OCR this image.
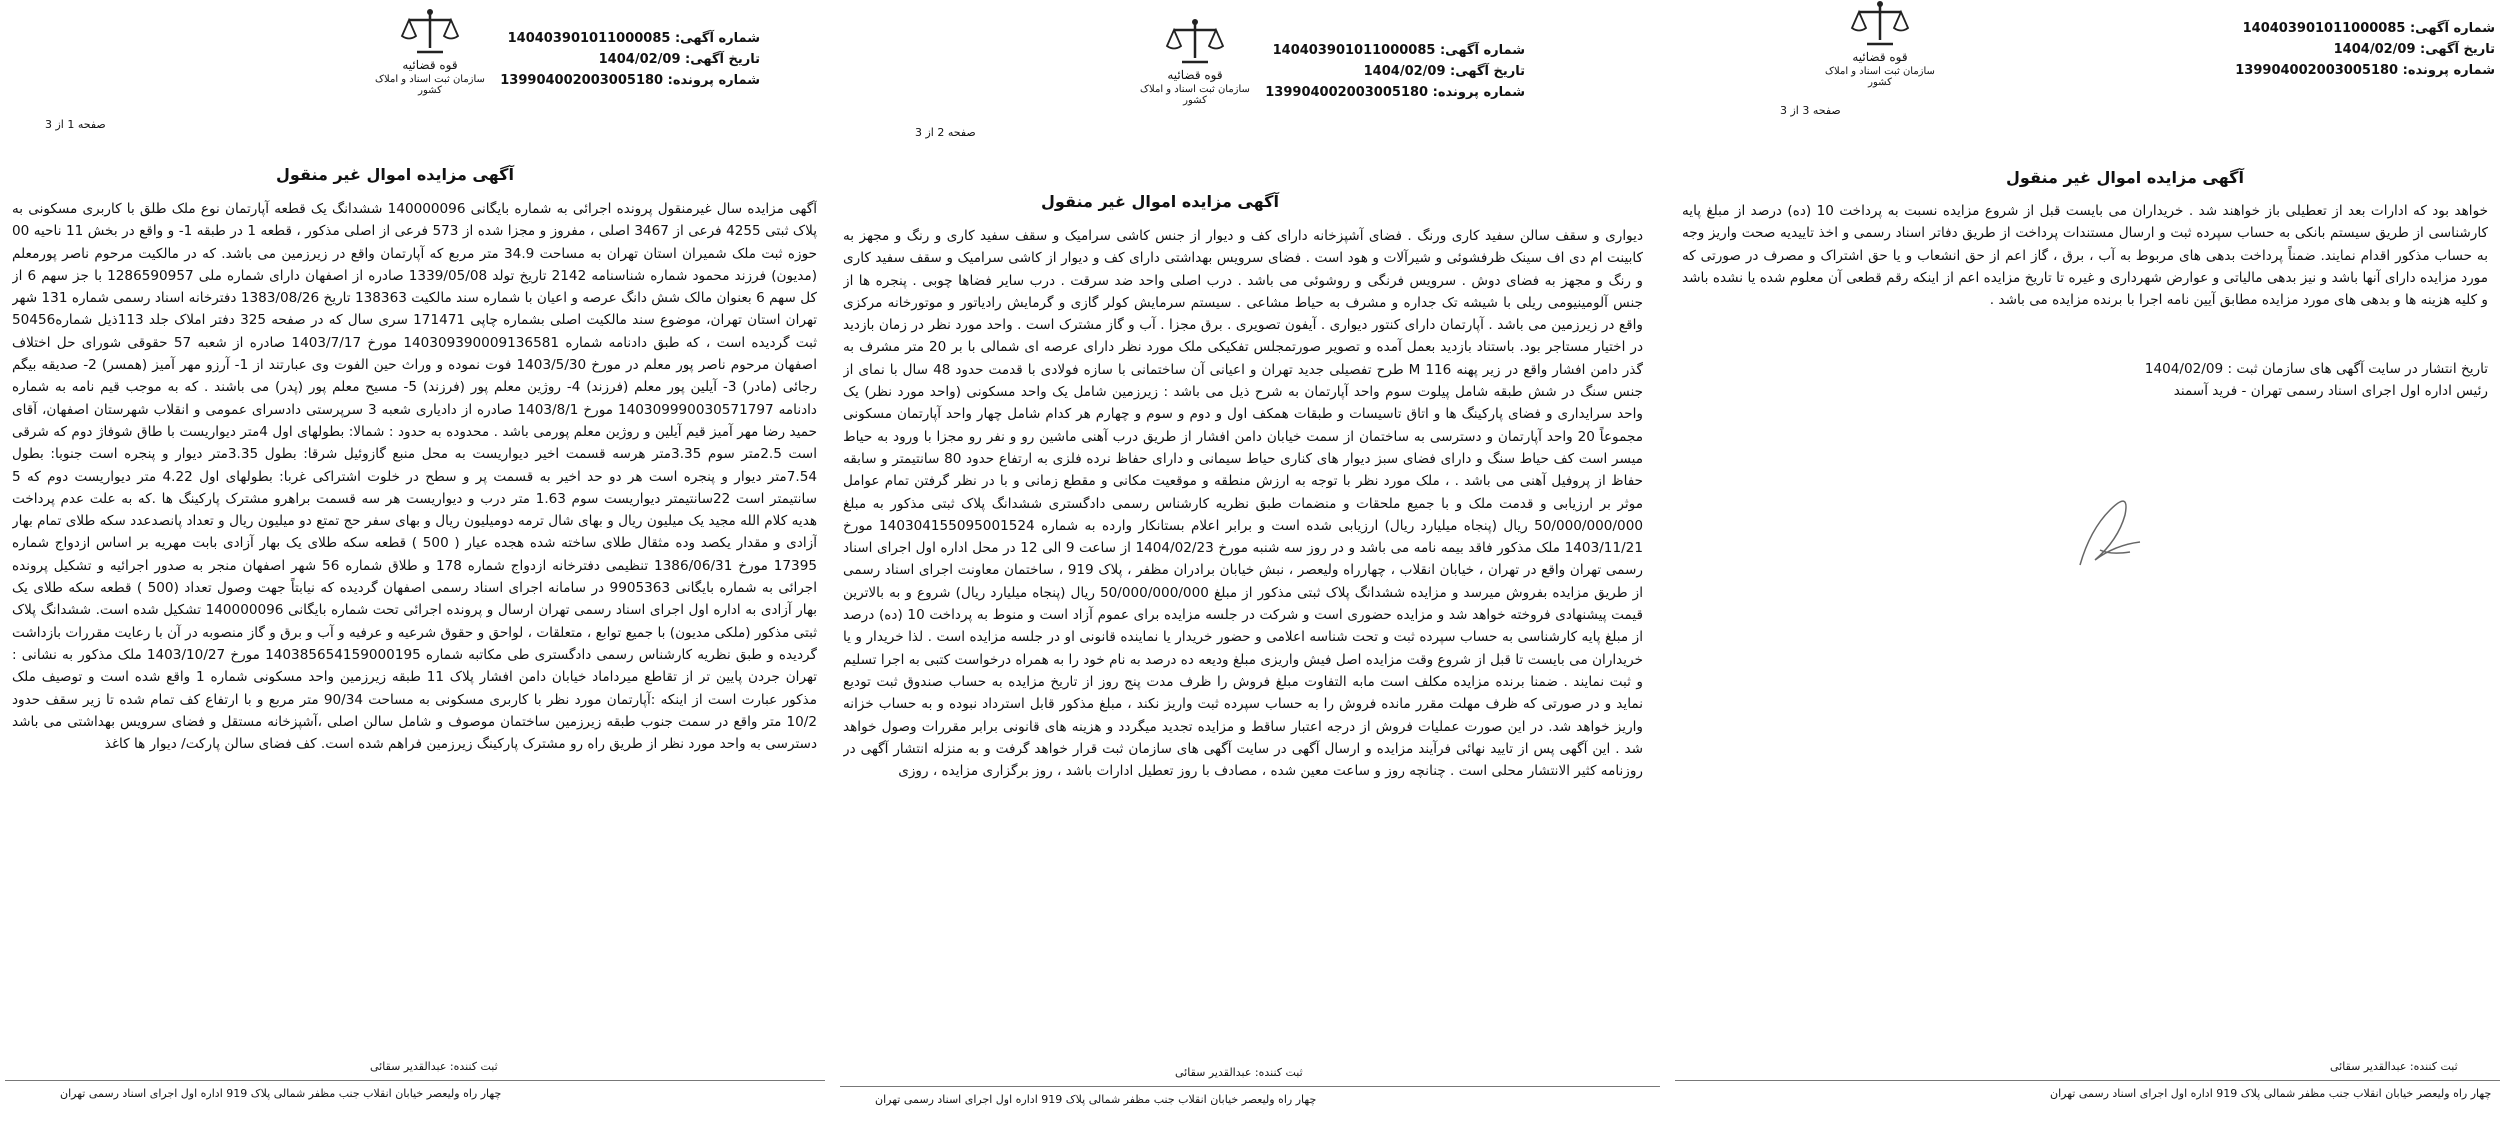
قوه قضائیه
سازمان ثبت اسناد و املاک کشور
شماره آگهی: 140403901011000085
تاریخ آگهی: 1404/02/09
شماره پرونده: 139904002003005180
صفحه 1 از 3
آگهی مزایده اموال غیر منقول
آگهی مزایده سال غیرمنقول پرونده اجرائی به شماره بایگانی 140000096 ششدانگ یک قطعه آپارتمان نوع ملک طلق با کاربری مسکونی به پلاک ثبتی 4255 فرعی از 3467 اصلی ، مفروز و مجزا شده از 573 فرعی از اصلی مذکور ، قطعه 1 در طبقه 1- و واقع در بخش 11 ناحیه 00 حوزه ثبت ملک شمیران استان تهران به مساحت 34.9 متر مربع که آپارتمان واقع در زیرزمین می باشد. که در مالکیت مرحوم ناصر پورمعلم (مدیون) فرزند محمود شماره شناسنامه 2142 تاریخ تولد 1339/05/08 صادره از اصفهان دارای شماره ملی 1286590957 با جز سهم 6 از کل سهم 6 بعنوان مالک شش دانگ عرصه و اعیان با شماره سند مالکیت 138363 تاریخ 1383/08/26 دفترخانه اسناد رسمی شماره 131 شهر تهران استان تهران، موضوع سند مالکیت اصلی بشماره چاپی 171471 سری سال که در صفحه 325 دفتر املاک جلد 113ذیل شماره50456 ثبت گردیده است ، که طبق دادنامه شماره 140309390009136581 مورخ 1403/7/17 صادره از شعبه 57 حقوقی شورای حل اختلاف اصفهان مرحوم ناصر پور معلم در مورخ 1403/5/30 فوت نموده و وراث حین الفوت وی عبارتند از 1- آرزو مهر آمیز (همسر) 2- صدیقه بیگم رجائی (مادر) 3- آیلین پور معلم (فرزند) 4- روژین معلم پور (فرزند) 5- مسیح معلم پور (پدر) می باشند . که به موجب قیم نامه به شماره دادنامه 140309990030571797 مورخ 1403/8/1 صادره از دادیاری شعبه 3 سرپرستی دادسرای عمومی و انقلاب شهرستان اصفهان، آقای حمید رضا مهر آمیز قیم آیلین و روژین معلم پورمی باشد . محدوده به حدود : شمالا: بطولهای اول 4متر دیواریست با طاق شوفاژ دوم که شرقی است 2.5متر سوم 3.35متر هرسه قسمت اخیر دیواریست به محل منبع گازوئیل شرقا: بطول 3.35متر دیوار و پنجره است جنوبا: بطول 7.54متر دیوار و پنجره است هر دو حد اخیر به قسمت پر و سطح در خلوت اشتراکی غربا: بطولهای اول 4.22 متر دیواریست دوم که 5 سانتیمتر است 22سانتیمتر دیواریست سوم 1.63 متر درب و دیواریست هر سه قسمت براهرو مشترک پارکینگ ها .که به علت عدم پرداخت هدیه کلام الله مجید یک میلیون ریال و بهای شال ترمه دومیلیون ریال و بهای سفر حج تمتع دو میلیون ریال و تعداد پانصدعدد سکه طلای تمام بهار آزادی و مقدار یکصد وده مثقال طلای ساخته شده هجده عیار ( 500 ) قطعه سکه طلای یک بهار آزادی بابت مهریه بر اساس ازدواج شماره 17395 مورخ 1386/06/31 تنظیمی دفترخانه ازدواج شماره 178 و طلاق شماره 56 شهر اصفهان منجر به صدور اجرائیه و تشکیل پرونده اجرائی به شماره بایگانی 9905363 در سامانه اجرای اسناد رسمی اصفهان گردیده که نیابتاً جهت وصول تعداد (500 ) قطعه سکه طلای یک بهار آزادی به اداره اول اجرای اسناد رسمی تهران ارسال و پرونده اجرائی تحت شماره بایگانی 140000096 تشکیل شده است. ششدانگ پلاک ثبتی مذکور (ملکی مدیون) با جمیع توابع ، متعلقات ، لواحق و حقوق شرعیه و عرفیه و آب و برق و گاز منصوبه در آن با رعایت مقررات بازداشت گردیده و طبق نظریه کارشناس رسمی دادگستری طی مکاتبه شماره 140385654159000195 مورخ 1403/10/27 ملک مذکور به نشانی : تهران جردن پایین تر از تقاطع میرداماد خیابان دامن افشار پلاک 11 طبقه زیرزمین واحد مسکونی شماره 1 واقع شده است و توصیف ملک مذکور عبارت است از اینکه :آپارتمان مورد نظر با کاربری مسکونی به مساحت 90/34 متر مربع و با ارتفاع کف تمام شده تا زیر سقف حدود 10/2 متر واقع در سمت جنوب طبقه زیرزمین ساختمان موصوف و شامل سالن اصلی ،آشپزخانه مستقل و فضای سرویس بهداشتی می باشد دسترسی به واحد مورد نظر از طریق راه رو مشترک پارکینگ زیرزمین فراهم شده است. کف فضای سالن پارکت/ دیوار ها کاغذ
ثبت کننده: عبدالقدیر سقائی
چهار راه ولیعصر خیابان انقلاب جنب مظفر شمالی پلاک 919 اداره اول اجرای اسناد رسمی تهران
قوه قضائیه
سازمان ثبت اسناد و املاک کشور
شماره آگهی: 140403901011000085
تاریخ آگهی: 1404/02/09
شماره پرونده: 139904002003005180
صفحه 2 از 3
آگهی مزایده اموال غیر منقول
دیواری و سقف سالن سفید کاری ورنگ . فضای آشپزخانه دارای کف و دیوار از جنس کاشی سرامیک و سقف سفید کاری و رنگ و مجهز به کابینت ام دی اف سینک ظرفشوئی و شیرآلات و هود است . فضای سرویس بهداشتی دارای کف و دیوار از کاشی سرامیک و سقف سفید کاری و رنگ و مجهز به فضای دوش . سرویس فرنگی و روشوئی می باشد . درب اصلی واحد ضد سرقت . درب سایر فضاها چوبی . پنجره ها از جنس آلومینیومی ریلی با شیشه تک جداره و مشرف به حیاط مشاعی . سیستم سرمایش کولر گازی و گرمایش رادیاتور و موتورخانه مرکزی واقع در زیرزمین می باشد . آپارتمان دارای کنتور دیواری . آیفون تصویری . برق مجزا . آب و گاز مشترک است . واحد مورد نظر در زمان بازدید در اختیار مستاجر بود. باستناد بازدید بعمل آمده و تصویر صورتمجلس تفکیکی ملک مورد نظر دارای عرصه ای شمالی با بر 20 متر مشرف به گذر دامن افشار واقع در زیر پهنه M 116 طرح تفصیلی جدید تهران و اعیانی آن ساختمانی با سازه فولادی با قدمت حدود 48 سال با نمای از جنس سنگ در شش طبقه شامل پیلوت سوم واحد آپارتمان به شرح ذیل می باشد : زیرزمین شامل یک واحد مسکونی (واحد مورد نظر) یک واحد سرایداری و فضای پارکینگ ها و اتاق تاسیسات و طبقات همکف اول و دوم و سوم و چهارم هر کدام شامل چهار واحد آپارتمان مسکونی مجموعاً 20 واحد آپارتمان و دسترسی به ساختمان از سمت خیابان دامن افشار از طریق درب آهنی ماشین رو و نفر رو مجزا با ورود به حیاط میسر است کف حیاط سنگ و دارای فضای سبز دیوار های کناری حیاط سیمانی و دارای حفاظ نرده فلزی به ارتفاع حدود 80 سانتیمتر و سابقه حفاظ از پروفیل آهنی می باشد . ، ملک مورد نظر با توجه به ارزش منطقه و موقعیت مکانی و مقطع زمانی و با در نظر گرفتن تمام عوامل موثر بر ارزیابی و قدمت ملک و با جمیع ملحقات و منضمات طبق نظریه کارشناس رسمی دادگستری ششدانگ پلاک ثبتی مذکور به مبلغ 50/000/000/000 ریال (پنجاه میلیارد ریال) ارزیابی شده است و برابر اعلام بستانکار وارده به شماره 140304155095001524 مورخ 1403/11/21 ملک مذکور فاقد بیمه نامه می باشد و در روز سه شنبه مورخ 1404/02/23 از ساعت 9 الی 12 در محل اداره اول اجرای اسناد رسمی تهران واقع در تهران ، خیابان انقلاب ، چهارراه ولیعصر ، نبش خیابان برادران مظفر ، پلاک 919 ، ساختمان معاونت اجرای اسناد رسمی از طریق مزایده بفروش میرسد و مزایده ششدانگ پلاک ثبتی مذکور از مبلغ 50/000/000/000 ریال (پنجاه میلیارد ریال) شروع و به بالاترین قیمت پیشنهادی فروخته خواهد شد و مزایده حضوری است و شرکت در جلسه مزایده برای عموم آزاد است و منوط به پرداخت 10 (ده) درصد از مبلغ پایه کارشناسی به حساب سپرده ثبت و تحت شناسه اعلامی و حضور خریدار یا نماینده قانونی او در جلسه مزایده است . لذا خریدار و یا خریداران می بایست تا قبل از شروع وقت مزایده اصل فیش واریزی مبلغ ودیعه ده درصد به نام خود را به همراه درخواست کتبی به اجرا تسلیم و ثبت نمایند . ضمنا برنده مزایده مکلف است مابه التفاوت مبلغ فروش را ظرف مدت پنج روز از تاریخ مزایده به حساب صندوق ثبت تودیع نماید و در صورتی که ظرف مهلت مقرر مانده فروش را به حساب سپرده ثبت واریز نکند ، مبلغ مذکور قابل استرداد نبوده و به حساب خزانه واریز خواهد شد. در این صورت عملیات فروش از درجه اعتبار ساقط و مزایده تجدید میگردد و هزینه های قانونی برابر مقررات وصول خواهد شد . این آگهی پس از تایید نهائی فرآیند مزایده و ارسال آگهی در سایت آگهی های سازمان ثبت قرار خواهد گرفت و به منزله انتشار آگهی در روزنامه کثیر الانتشار محلی است . چنانچه روز و ساعت معین شده ، مصادف با روز تعطیل ادارات باشد ، روز برگزاری مزایده ، روزی
ثبت کننده: عبدالقدیر سقائی
چهار راه ولیعصر خیابان انقلاب جنب مظفر شمالی پلاک 919 اداره اول اجرای اسناد رسمی تهران
قوه قضائیه
سازمان ثبت اسناد و املاک کشور
شماره آگهی: 140403901011000085
تاریخ آگهی: 1404/02/09
شماره پرونده: 139904002003005180
صفحه 3 از 3
آگهی مزایده اموال غیر منقول
خواهد بود که ادارات بعد از تعطیلی باز خواهند شد . خریداران می بایست قبل از شروع مزایده نسبت به پرداخت 10 (ده) درصد از مبلغ پایه کارشناسی از طریق سیستم بانکی به حساب سپرده ثبت و ارسال مستندات پرداخت از طریق دفاتر اسناد رسمی و اخذ تاییدیه صحت واریز وجه به حساب مذکور اقدام نمایند. ضمناً پرداخت بدهی های مربوط به آب ، برق ، گاز اعم از حق انشعاب و یا حق اشتراک و مصرف در صورتی که مورد مزایده دارای آنها باشد و نیز بدهی مالیاتی و عوارض شهرداری و غیره تا تاریخ مزایده اعم از اینکه رقم قطعی آن معلوم شده یا نشده باشد و کلیه هزینه ها و بدهی های مورد مزایده مطابق آیین نامه اجرا با برنده مزایده می باشد .
تاریخ انتشار در سایت آگهی های سازمان ثبت : 1404/02/09
رئیس اداره اول اجرای اسناد رسمی تهران - فرید آسمند
ثبت کننده: عبدالقدیر سقائی
چهار راه ولیعصر خیابان انقلاب جنب مظفر شمالی پلاک 919 اداره اول اجرای اسناد رسمی تهران
